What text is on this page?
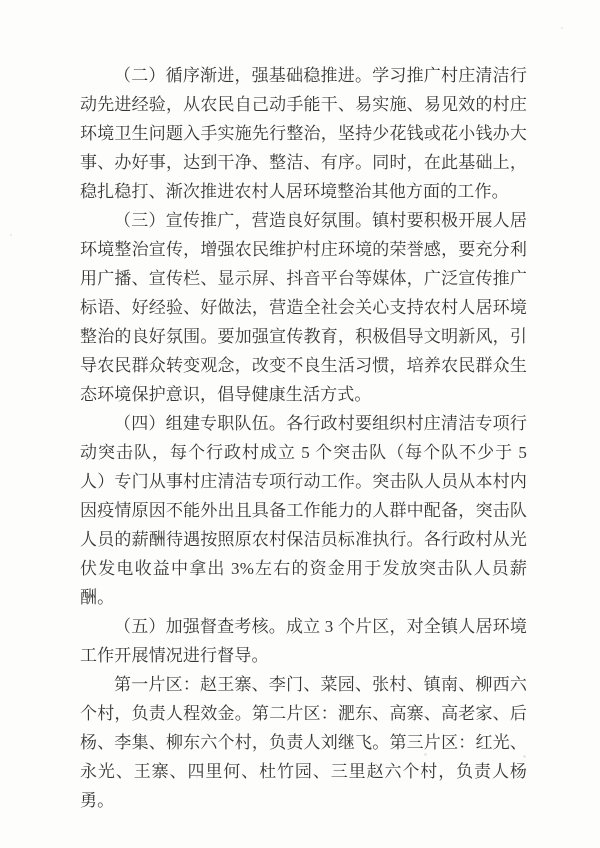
（二）循序渐进，强基础稳推进。学习推广村庄清洁行动先进经验，从农民自己动手能干、易实施、易见效的村庄环境卫生问题入手实施先行整治，坚持少花钱或花小钱办大事、办好事，达到干净、整洁、有序。同时，在此基础上，稳扎稳打、渐次推进农村人居环境整治其他方面的工作。

（三）宣传推广，营造良好氛围。镇村要积极开展人居环境整治宣传，增强农民维护村庄环境的荣誉感，要充分利用广播、宣传栏、显示屏、抖音平台等媒体，广泛宣传推广标语、好经验、好做法，营造全社会关心支持农村人居环境整治的良好氛围。要加强宣传教育，积极倡导文明新风，引导农民群众转变观念，改变不良生活习惯，培养农民群众生态环境保护意识，倡导健康生活方式。

（四）组建专职队伍。各行政村要组织村庄清洁专项行动突击队，每个行政村成立 5 个突击队（每个队不少于 5 人）专门从事村庄清洁专项行动工作。突击队人员从本村内因疫情原因不能外出且具备工作能力的人群中配备，突击队人员的薪酬待遇按照原农村保洁员标准执行。各行政村从光伏发电收益中拿出 3%左右的资金用于发放突击队人员薪酬。

（五）加强督查考核。成立 3 个片区，对全镇人居环境工作开展情况进行督导。

第一片区：赵王寨、李门、菜园、张村、镇南、柳西六个村，负责人程效金。第二片区：淝东、高寨、高老家、后杨、李集、柳东六个村，负责人刘继飞。第三片区：红光、永光、王寨、四里何、杜竹园、三里赵六个村，负责人杨勇。
